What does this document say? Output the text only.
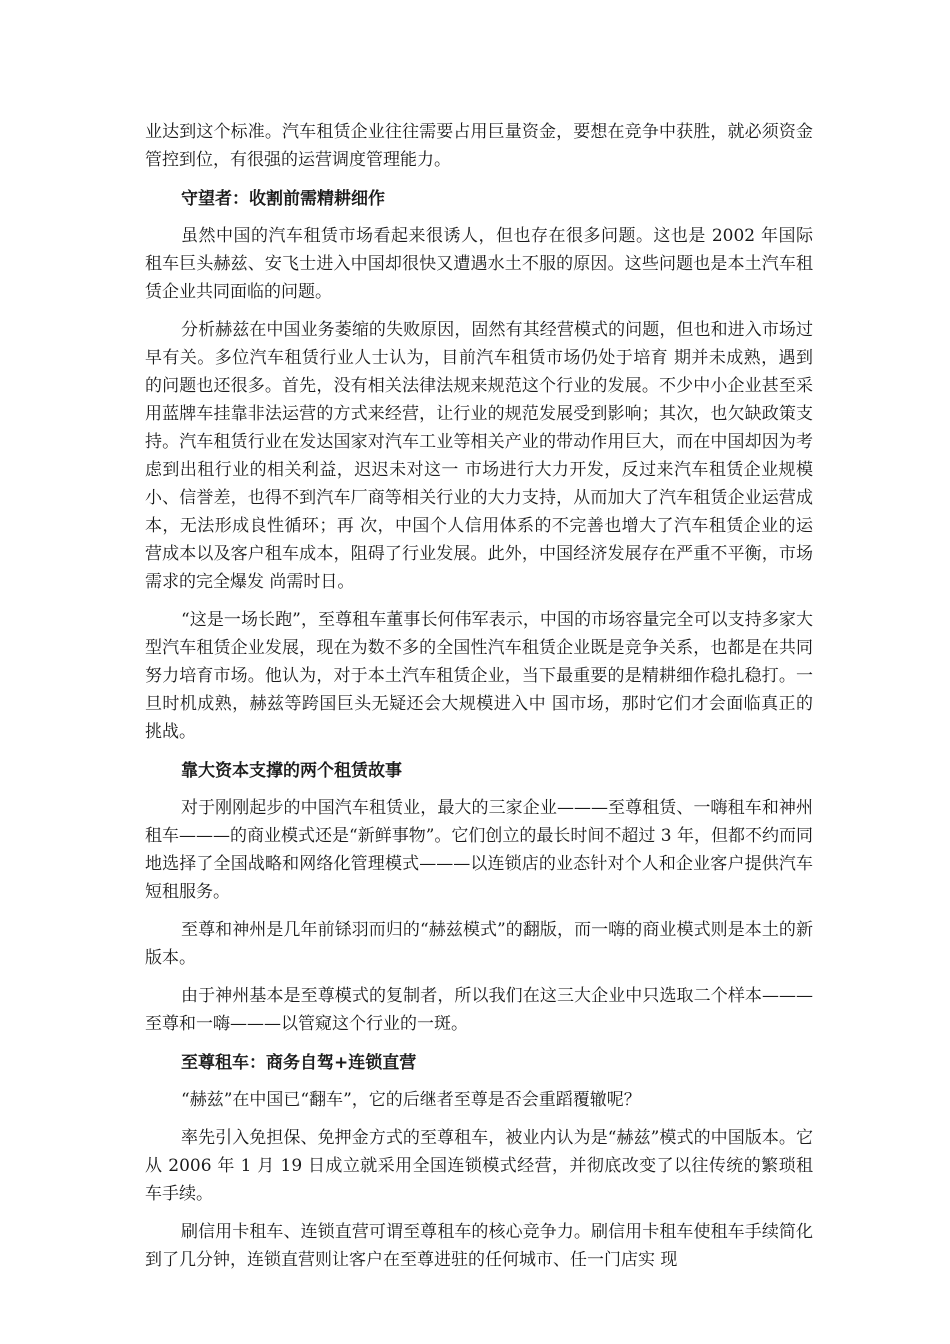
业达到这个标准。汽车租赁企业往往需要占用巨量资金，要想在竞争中获胜，就必须资金管控到位，有很强的运营调度管理能力。

守望者：收割前需精耕细作

虽然中国的汽车租赁市场看起来很诱人，但也存在很多问题。这也是 2002 年国际租车巨头赫兹、安飞士进入中国却很快又遭遇水土不服的原因。这些问题也是本土汽车租赁企业共同面临的问题。

分析赫兹在中国业务萎缩的失败原因，固然有其经营模式的问题，但也和进入市场过早有关。多位汽车租赁行业人士认为，目前汽车租赁市场仍处于培育 期并未成熟，遇到的问题也还很多。首先，没有相关法律法规来规范这个行业的发展。不少中小企业甚至采用蓝牌车挂靠非法运营的方式来经营，让行业的规范发展受到影响；其次，也欠缺政策支持。汽车租赁行业在发达国家对汽车工业等相关产业的带动作用巨大，而在中国却因为考虑到出租行业的相关利益，迟迟未对这一 市场进行大力开发，反过来汽车租赁企业规模小、信誉差，也得不到汽车厂商等相关行业的大力支持，从而加大了汽车租赁企业运营成本，无法形成良性循环；再 次，中国个人信用体系的不完善也增大了汽车租赁企业的运营成本以及客户租车成本，阻碍了行业发展。此外，中国经济发展存在严重不平衡，市场需求的完全爆发 尚需时日。

“这是一场长跑”，至尊租车董事长何伟军表示，中国的市场容量完全可以支持多家大型汽车租赁企业发展，现在为数不多的全国性汽车租赁企业既是竞争关系，也都是在共同努力培育市场。他认为，对于本土汽车租赁企业，当下最重要的是精耕细作稳扎稳打。一旦时机成熟，赫兹等跨国巨头无疑还会大规模进入中 国市场，那时它们才会面临真正的挑战。

靠大资本支撑的两个租赁故事

对于刚刚起步的中国汽车租赁业，最大的三家企业———至尊租赁、一嗨租车和神州租车———的商业模式还是“新鲜事物”。它们创立的最长时间不超过 3 年，但都不约而同地选择了全国战略和网络化管理模式———以连锁店的业态针对个人和企业客户提供汽车短租服务。

至尊和神州是几年前铩羽而归的“赫兹模式”的翻版，而一嗨的商业模式则是本土的新版本。

由于神州基本是至尊模式的复制者，所以我们在这三大企业中只选取二个样本———至尊和一嗨———以管窥这个行业的一斑。

至尊租车：商务自驾+连锁直营

“赫兹”在中国已“翻车”，它的后继者至尊是否会重蹈覆辙呢？

率先引入免担保、免押金方式的至尊租车，被业内认为是“赫兹”模式的中国版本。它从 2006 年 1 月 19 日成立就采用全国连锁模式经营，并彻底改变了以往传统的繁琐租车手续。

刷信用卡租车、连锁直营可谓至尊租车的核心竞争力。刷信用卡租车使租车手续简化到了几分钟，连锁直营则让客户在至尊进驻的任何城市、任一门店实 现
